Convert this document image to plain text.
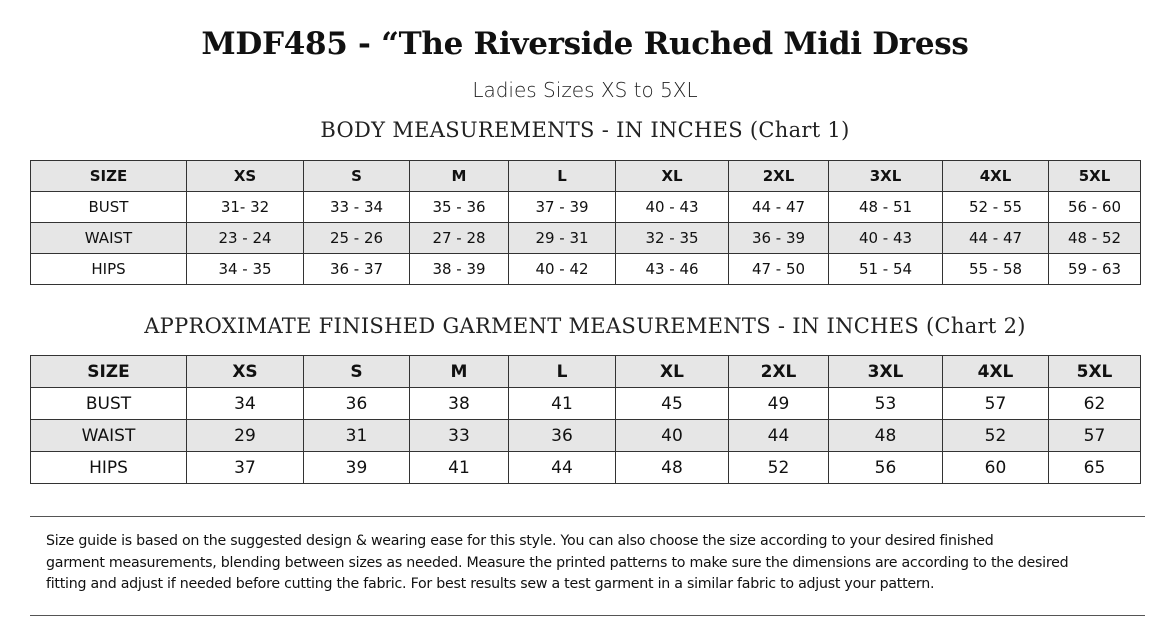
MDF485 - “The Riverside Ruched Midi Dress
Ladies Sizes XS to 5XL
BODY MEASUREMENTS - IN INCHES (Chart 1)
SIZE	XS	S	M	L	XL	2XL	3XL	4XL	5XL
BUST	31- 32	33 - 34	35 - 36	37 - 39	40 - 43	44 - 47	48 - 51	52 - 55	56 - 60
WAIST	23 - 24	25 - 26	27 - 28	29 - 31	32 - 35	36 - 39	40 - 43	44 - 47	48 - 52
HIPS	34 - 35	36 - 37	38 - 39	40 - 42	43 - 46	47 - 50	51 - 54	55 - 58	59 - 63
APPROXIMATE FINISHED GARMENT MEASUREMENTS - IN INCHES (Chart 2)
SIZE	XS	S	M	L	XL	2XL	3XL	4XL	5XL
BUST	34	36	38	41	45	49	53	57	62
WAIST	29	31	33	36	40	44	48	52	57
HIPS	37	39	41	44	48	52	56	60	65
Size guide is based on the suggested design & wearing ease for this style. You can also choose the size according to your desired finished
garment measurements, blending between sizes as needed. Measure the printed patterns to make sure the dimensions are according to the desired
fitting and adjust if needed before cutting the fabric. For best results sew a test garment in a similar fabric to adjust your pattern.
